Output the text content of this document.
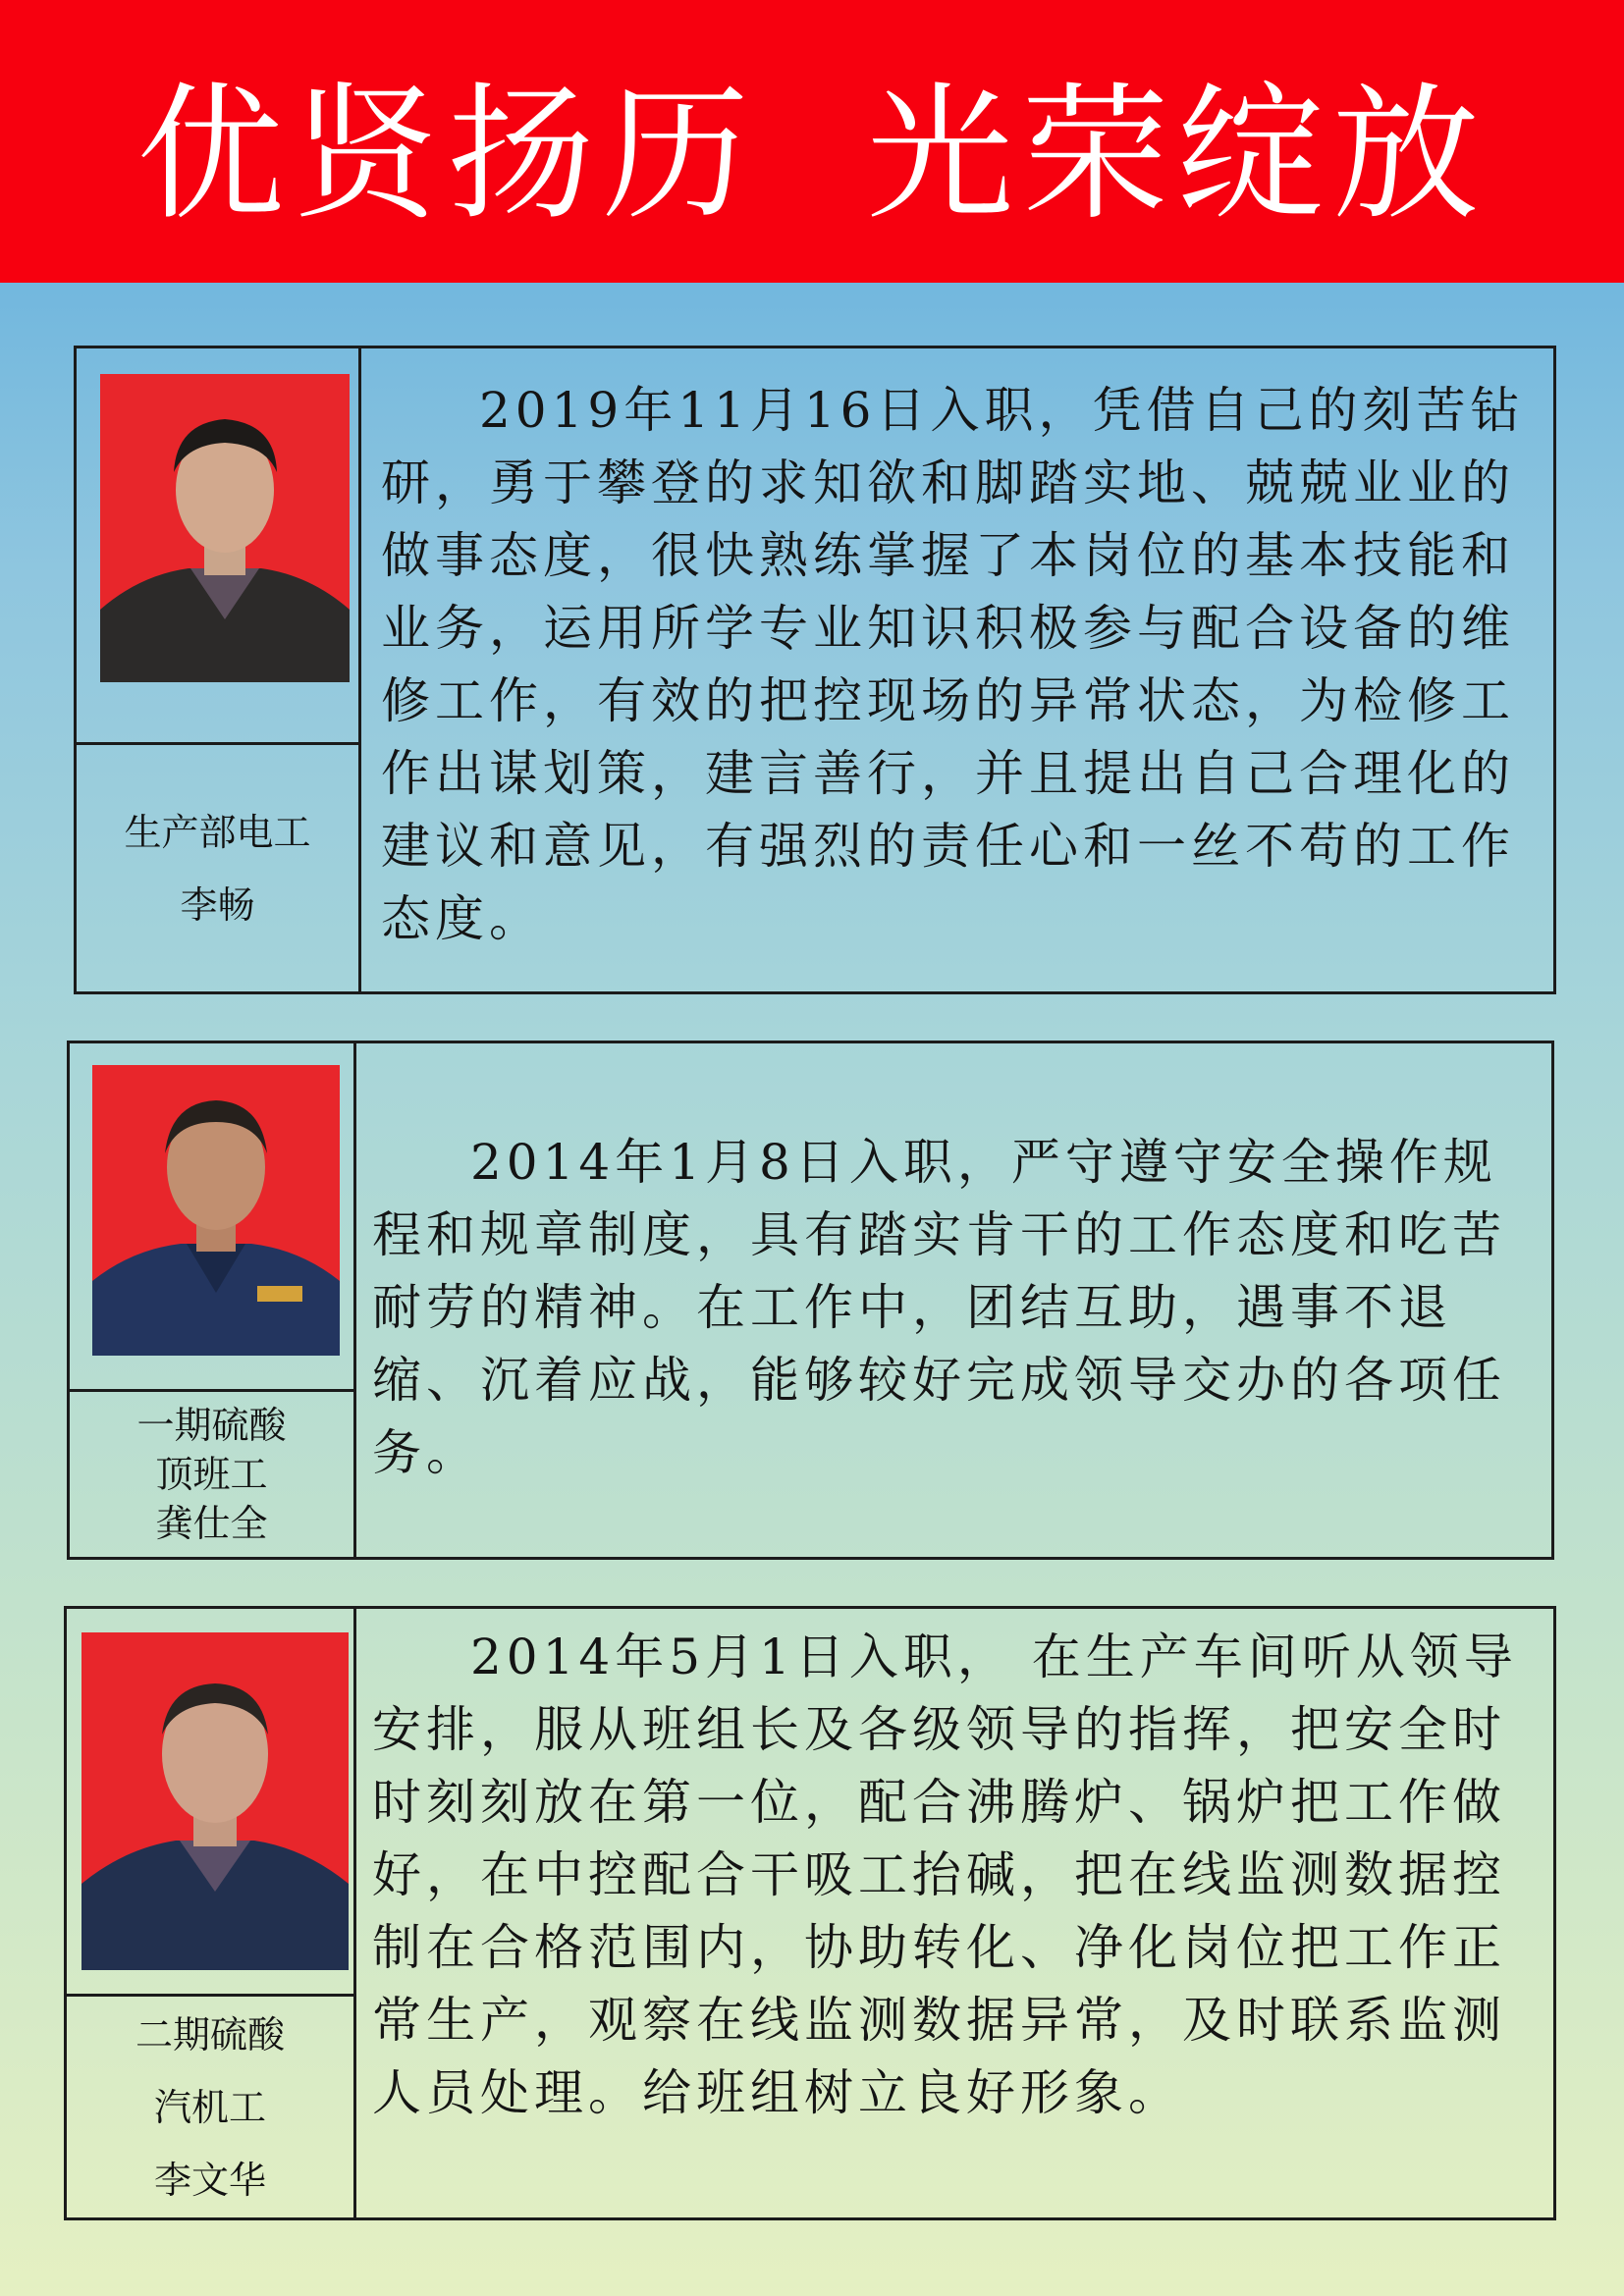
优贤扬历  光荣绽放
生产部电工
李畅

2019年11月16日入职，凭借自己的刻苦钻研，勇于攀登的求知欲和脚踏实地、兢兢业业的做事态度，很快熟练掌握了本岗位的基本技能和业务，运用所学专业知识积极参与配合设备的维修工作，有效的把控现场的异常状态，为检修工作出谋划策，建言善行，并且提出自己合理化的建议和意见，有强烈的责任心和一丝不苟的工作态度。

一期硫酸
顶班工
龚仕全

2014年1月8日入职，严守遵守安全操作规程和规章制度，具有踏实肯干的工作态度和吃苦耐劳的精神。在工作中，团结互助，遇事不退缩、沉着应战，能够较好完成领导交办的各项任务。

二期硫酸
汽机工
李文华

2014年5月1日入职， 在生产车间听从领导安排，服从班组长及各级领导的指挥，把安全时时刻刻放在第一位，配合沸腾炉、锅炉把工作做好，在中控配合干吸工抬碱，把在线监测数据控制在合格范围内，协助转化、净化岗位把工作正常生产，观察在线监测数据异常，及时联系监测人员处理。给班组树立良好形象。
